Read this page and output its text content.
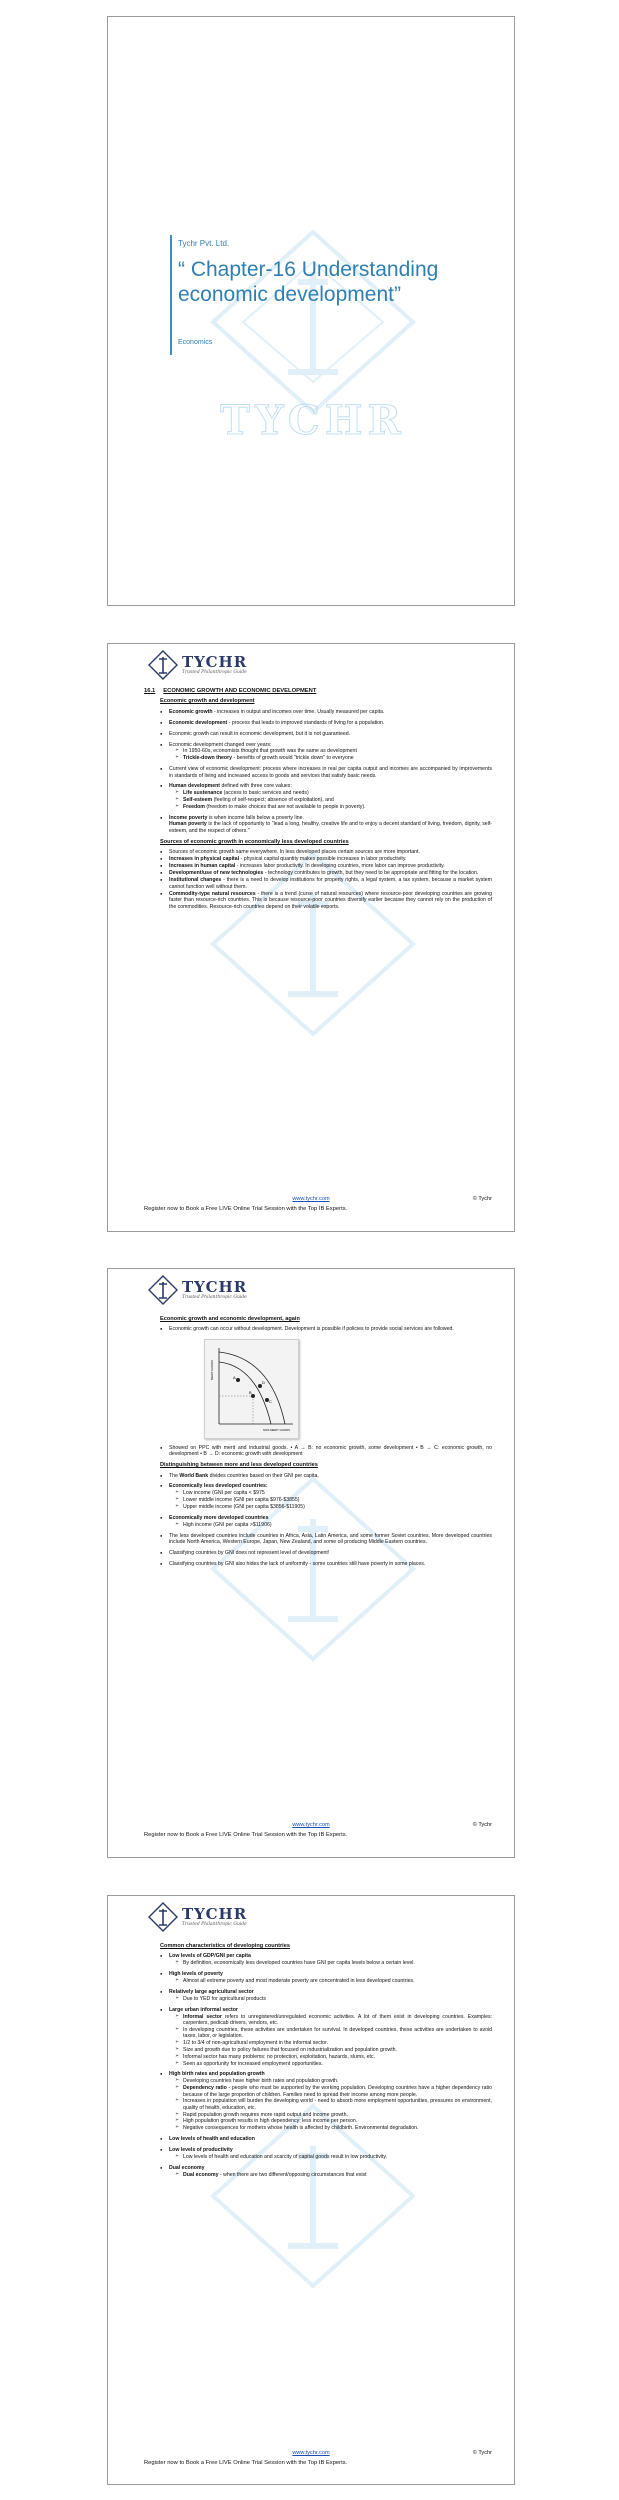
Tychr Pvt. Ltd.
“ Chapter-16 Understanding economic development”
Economics
TYCHR
TYCHR
Trusted Philanthropic Guide
16.1 ECONOMIC GROWTH AND ECONOMIC DEVELOPMENT
Economic growth and development
● Economic growth - increases in output and incomes over time. Usually measured per capita.
● Economic development - process that leads to improved standards of living for a population.
● Economic growth can result in economic development, but it is not guaranteed.
● Economic development changed over years:
➢ In 1950-60s, economists thought that growth was the same as development
➢ Trickle-down theory - benefits of growth would "trickle down" to everyone
● Current view of economic development: process where increases in real per capita output and incomes are accompanied by improvements in standards of living and increased access to goods and services that satisfy basic needs.
● Human development defined with three core values:
➢ Life sustenance (access to basic services and needs)
➢ Self-esteem (feeling of self-respect; absence of exploitation), and
➢ Freedom (freedom to make choices that are not available to people in poverty).
● Income poverty is when income falls below a poverty line.
Human poverty is the lack of opportunity to "lead a long, healthy, creative life and to enjoy a decent standard of living, freedom, dignity, self-esteem, and the respect of others."
Sources of economic growth in economically less developed countries
● Sources of economic growth same everywhere. In less developed places certain sources are more important.
● Increases in physical capital - physical capital quantity makes possible increases in labor productivity.
● Increases in human capital - increases labor productivity. In developing countries, more labor can improve productivity.
● Development/use of new technologies - technology contributes to growth, but they need to be appropriate and fitting for the location.
● Institutional changes - there is a need to develop institutions for property rights, a legal system, a tax system, because a market system cannot function well without them.
● Commodity-type natural resources - there is a trend (curse of natural resources) where resource-poor developing countries are growing faster than resource-rich countries. This is because resource-poor countries diversify earlier because they cannot rely on the production of the commodities. Resource-rich countries depend on their volatile exports.
www.tychr.com	© Tychr
Register now to Book a Free LIVE Online Trial Session with the Top IB Experts.
TYCHR
Trusted Philanthropic Guide
Economic growth and economic development, again
● Economic growth can occur without development. Development is possible if policies to provide social services are followed.
A
B
C
D
MERIT GOODS
NON-MERIT GOODS
● Showed on PPC with merit and industrial goods. • A → B: no economic growth, some development • B → C: economic growth, no development • B → D: economic growth with development
Distinguishing between more and less developed countries
● The World Bank divides countries based on their GNI per capita.
● Economically less developed countries:
➢ Low income (GNI per capita < $975
➢ Lower middle income (GNI per capita $976-$3855)
➢ Upper middle income (GNI per capita $3856-$11905)
● Economically more developed countries
➢ High income (GNI per capita >$11906)
● The less developed countries include countries in Africa, Asia, Latin America, and some former Soviet countries. More developed countries include North America, Western Europe, Japan, New Zealand, and some oil producing Middle Eastern countries.
● Classifying countries by GNI does not represent level of development!
● Classifying countries by GNI also hides the lack of uniformity - some countries still have poverty in some places.
www.tychr.com	© Tychr
Register now to Book a Free LIVE Online Trial Session with the Top IB Experts.
TYCHR
Trusted Philanthropic Guide
Common characteristics of developing countries
● Low levels of GDP/GNI per capita
➢ By definition, economically less developed countries have GNI per capita levels below a certain level.
● High levels of poverty
➢ Almost all extreme poverty and most moderate poverty are concentrated in less developed countries.
● Relatively large agricultural sector
➢ Due to YED for agricultural products
● Large urban informal sector
➢ Informal sector refers to unregistered/unregulated economic activities. A lot of them exist in developing countries. Examples: carpenters, pedicab drivers, vendors, etc.
➢ In developing countries, these activities are undertaken for survival. In developed countries, these activities are undertaken to avoid taxes, labor, or legislation.
➢ 1/2 to 3/4 of non-agricultural employment in the informal sector.
➢ Size and growth due to policy failures that focused on industrialization and population growth.
➢ Informal sector has many problems: no protection, exploitation, hazards, slums, etc.
➢ Seen as opportunity for increased employment opportunities.
● High birth rates and population growth
➢ Developing countries have higher birth rates and population growth.
➢ Dependency ratio - people who must be supported by the working population. Developing countries have a higher dependency ratio because of the large proportion of children. Families need to spread their income among more people.
➢ Increases in population will burden the developing world - need to absorb more employment opportunities, pressures on environment, quality of health, education, etc.
➢ Rapid population growth requires more rapid output and income growth.
➢ High population growth results in high dependency; less income per person.
➢ Negative consequences for mothers whose health is affected by childbirth. Environmental degradation.
● Low levels of health and education
● Low levels of productivity
➢ Low levels of health and education and scarcity of capital goods result in low productivity.
● Dual economy
➢ Dual economy - when there are two different/opposing circumstances that exist
www.tychr.com	© Tychr
Register now to Book a Free LIVE Online Trial Session with the Top IB Experts.
